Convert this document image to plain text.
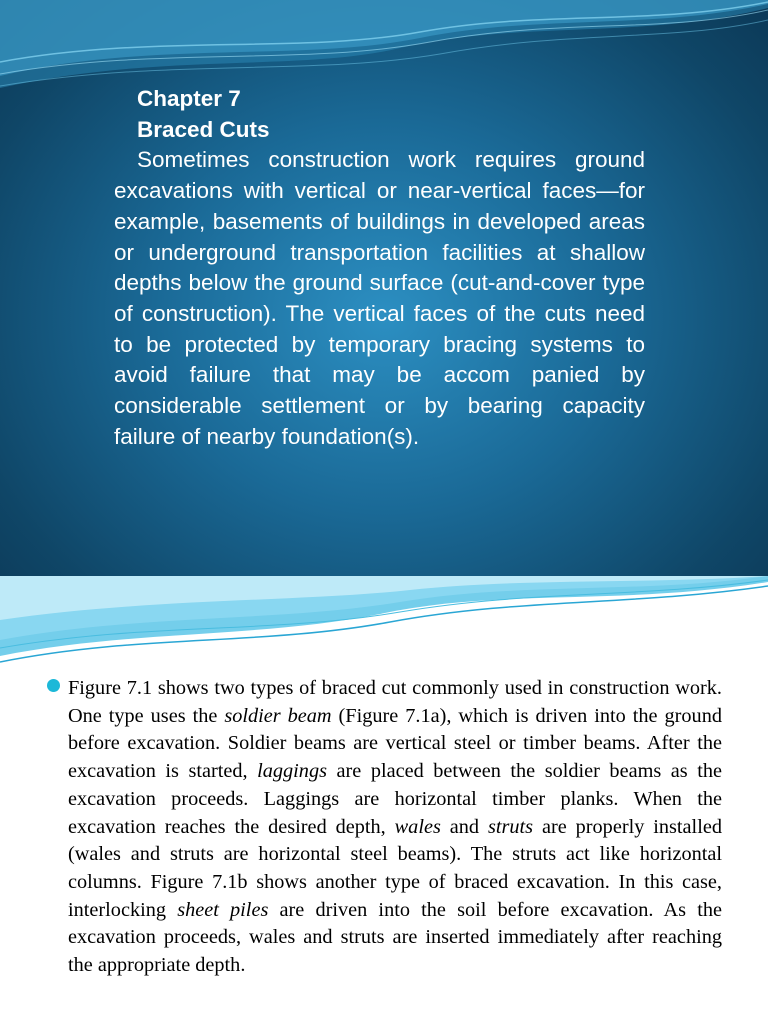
Chapter 7
Braced Cuts

Sometimes construction work requires ground excavations with vertical or near-vertical faces—for example, basements of buildings in developed areas or underground transportation facilities at shallow depths below the ground surface (cut-and-cover type of construction). The vertical faces of the cuts need to be protected by temporary bracing systems to avoid failure that may be accom panied by considerable settlement or by bearing capacity failure of nearby foundation(s).

Figure 7.1 shows two types of braced cut commonly used in construction work. One type uses the soldier beam (Figure 7.1a), which is driven into the ground before excavation. Soldier beams are vertical steel or timber beams. After the excavation is started, laggings are placed between the soldier beams as the excavation proceeds. Laggings are horizontal timber planks. When the excavation reaches the desired depth, wales and struts are properly installed (wales and struts are horizontal steel beams). The struts act like horizontal columns. Figure 7.1b shows another type of braced excavation. In this case, interlocking sheet piles are driven into the soil before excavation. As the excavation proceeds, wales and struts are inserted immediately after reaching the appropriate depth.
